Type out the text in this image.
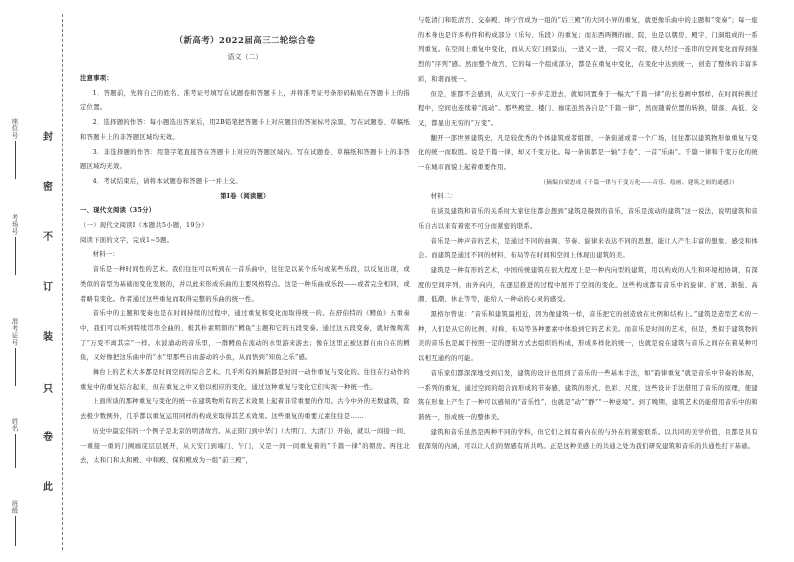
封
密
不
订
装
只
卷
此
座位号
考场号
准考证号
姓名
班级
（新高考）2022届高三二轮综合卷
语文（二）

注意事项：

1．答题前，先将自己的姓名、准考证号填写在试题卷和答题卡上，并将准考证号条形码粘贴在答题卡上的指定位置。

2．选择题的作答：每小题选出答案后，用2B铅笔把答题卡上对应题目的答案标号涂黑，写在试题卷、草稿纸和答题卡上的非答题区域均无效。

3．非选择题的作答：用签字笔直接答在答题卡上对应的答题区域内。写在试题卷、草稿纸和答题卡上的非答题区域均无效。

4．考试结束后，请将本试题卷和答题卡一并上交。

第Ⅰ卷（阅读题）

一、现代文阅读（35分）

（一）现代文阅读Ⅰ（本题共5小题，19分）

阅读下面的文字，完成1~5题。

材料一：

音乐是一种时间性的艺术。我们往往可以听到在一首乐曲中，往往是以某个乐句或某些乐段，以反复出现，或类似的音型为基础而变化发展的，并以此来形成乐曲的主要风格特点。这是一种乐曲或乐段——或者完全相同，或者略有变化。作者通过这些重复而取得完整的乐曲的统一性。

音乐中的主题和变奏也是在时间持续的过程中，通过重复和变化而取得统一的。在舒伯特的《鳟鱼》五重奏中，我们可以听到特续贯串全曲的、极其朴素明朗的“鳟鱼”主题和它的五段变奏。通过这五段变奏，就好像观赏了“万变不离其宗”一样。水波涌动的音乐里，一群鳟鱼在流动的水里游来游去；像在这里正被这群自由自在的鳟鱼，又好像把这乐曲中的“水”里那些自由游动的小鱼，从而悟到“知鱼之乐”感。

舞台上的艺术大多都是时间空间的综合艺术。几乎所有的舞蹈都是时间一动作重复与变化的。往往在行动作的重复中的重复结合起来，但在重复之中又恰以相应的变化，通过这种重复与变化它们实现一种统一性。

上面所谈的那种重复与变化的统一在建筑物所有的艺术效果上起着非常重要的作用。古今中外的无数建筑，除去极少数例外，几乎都以重复运用同样的构成来取得其艺术效果。这些重复的重要元素往往是……

历史中最宏伟的一个例子是北京的明清故宫。从正阳门到中华门（大明门、大清门）开始，就以一间接一间、一重接一重的门阙廊庑层层展开，从天安门到端门、午门，又是一间一间重复着的“千篇一律”的朝房。再往北去，太和门和太和殿、中和殿、保和殿成为一组“前三殿”，

与乾清门和乾清宫、交泰殿、坤宁宫成为一组的“后三殿”的大同小异的重复，就更像乐曲中的主题和“变奏”；每一座的本身也是许多构件和构成部分（乐句、乐段）的重复；而东西两侧的廊、院，也是以朝房、殿宇、门洞组成的一系列重复。在空间上重复中变化，而从天安门到景山，一进又一进，一院又一院，使人经过一连串的空间变化而得到强烈的“序列”感。然而整个故宫，它的每一个组成部分，都是在重复中变化，在变化中达到统一，创造了整体的丰富多彩，和谐而统一。

但是，谁都不会感到，从天安门一步步走进去，就如同置身于一幅大“千篇一律”的长卷画中那样，在时间转换过程中，空间也连续着“流动”。那些殿堂、楼门、廊庑虽然各自是“千篇一律”，然而随着位置的转换，错落、高低、交叉，都显出无穷的“万变”。

翻开一部世界建筑史，凡是较优秀的个体建筑或者组群，一条街道或者一个广场，往往都以建筑物形象重复与变化的统一而取胜。说是千篇一律，却又千变万化。每一条街都是一轴“手卷”、一首“乐曲”。千篇一律和千变万化的统一在城市面貌上起着重要作用。

（摘编自梁思成《千篇一律与千变万化——音乐、绘画、建筑之间的通感》）

材料二：

在谈及建筑和音乐的关系时大家往往都会想到“建筑是凝固的音乐，音乐是流动的建筑”这一说法，说明建筑和音乐自古以来有着密不可分而紧密的联系。

音乐是一种声音的艺术，是通过不同的曲调、节奏、旋律来表达不同的思想，能让人产生丰富的想象、感受和体会。而建筑是通过不同的材料、布局等在时间和空间上体现出建筑的美。

建筑是一种有形的艺术，中国传统建筑在很大程度上是一种内向型的建筑，用以构成的人生和环境相协调，有深度的空间序列，由外向内，在逐层推进的过程中展开了空间的变化。这些构成都有音乐中的旋律、扩展、渐强、高潮、低潮、休止等等，能给人一种动的心灵的感受。

黑格尔曾说：“音乐和建筑最相近，因为像建筑一样，音乐把它的创造放在比例和结构上。”建筑是造型艺术的一种，人们是从它的比例、对称、布局等各种要素中体验到它的艺术美。而音乐是时间的艺术，但是，类似于建筑物的美的音乐也是属于按照一定的逻辑方式去组织的构成，形成多样化的统一，也就是说在建筑与音乐之间存在着某种可以相互通约的可能。

音乐家们都深深地受到启发，建筑的设计也用到了音乐的一些基本手法，如“韵律重复”就是音乐中节奏的体现，一系列的重复，通过空间的组合而形成的节奏感，建筑的形式、色彩、尺度，这些设计手法借用了音乐的原理，使建筑在形象上产生了一种可以感知的“音乐性”，也就是“动”“静”“一种意境”。到了晚期，建筑艺术仍能借用音乐中的和谐统一，形成统一的整体美。

建筑和音乐虽然是两种不同的学科，但它们之间有着内在的与外在的紧密联系。以共同的美学价值，且都是具有很深刻的内涵，可以让人们的情感有所共鸣。正是这种美感上的共通之处为我们研究建筑和音乐的共通性打下基础。
